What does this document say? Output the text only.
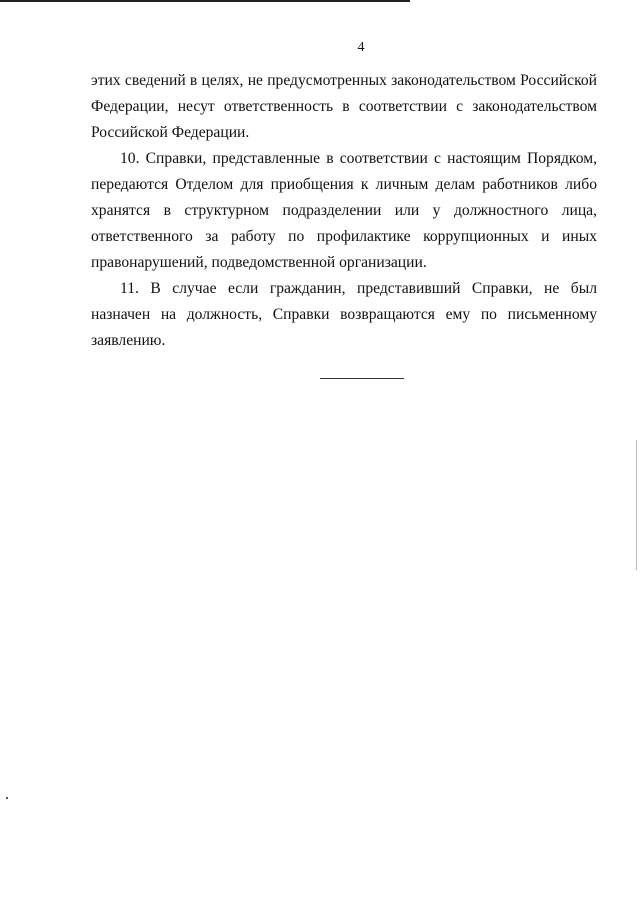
4

этих сведений в целях, не предусмотренных законодательством Российской Федерации, несут ответственность в соответствии с законодательством Российской Федерации.

10. Справки, представленные в соответствии с настоящим Порядком, передаются Отделом для приобщения к личным делам работников либо хранятся в структурном подразделении или у должностного лица, ответственного за работу по профилактике коррупционных и иных правонарушений, подведомственной организации.

11. В случае если гражданин, представивший Справки, не был назначен на должность, Справки возвращаются ему по письменному заявлению.
